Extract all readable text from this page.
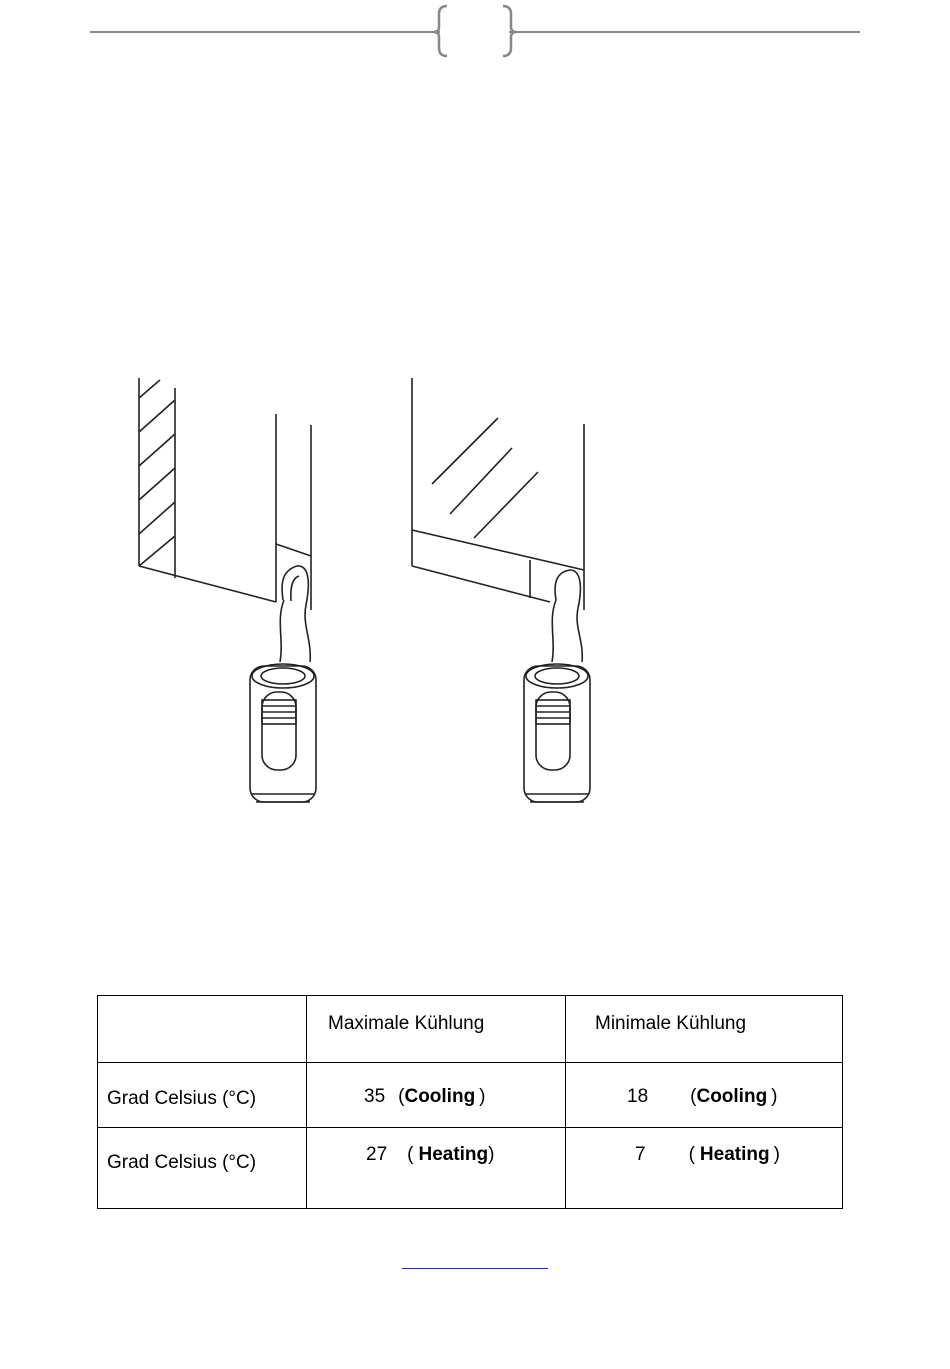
	Maximale Kühlung	Minimale Kühlung

Grad Celsius (°C)	35 (Cooling )	18 (Cooling )

Grad Celsius (°C)	27 ( Heating)	7 ( Heating )
